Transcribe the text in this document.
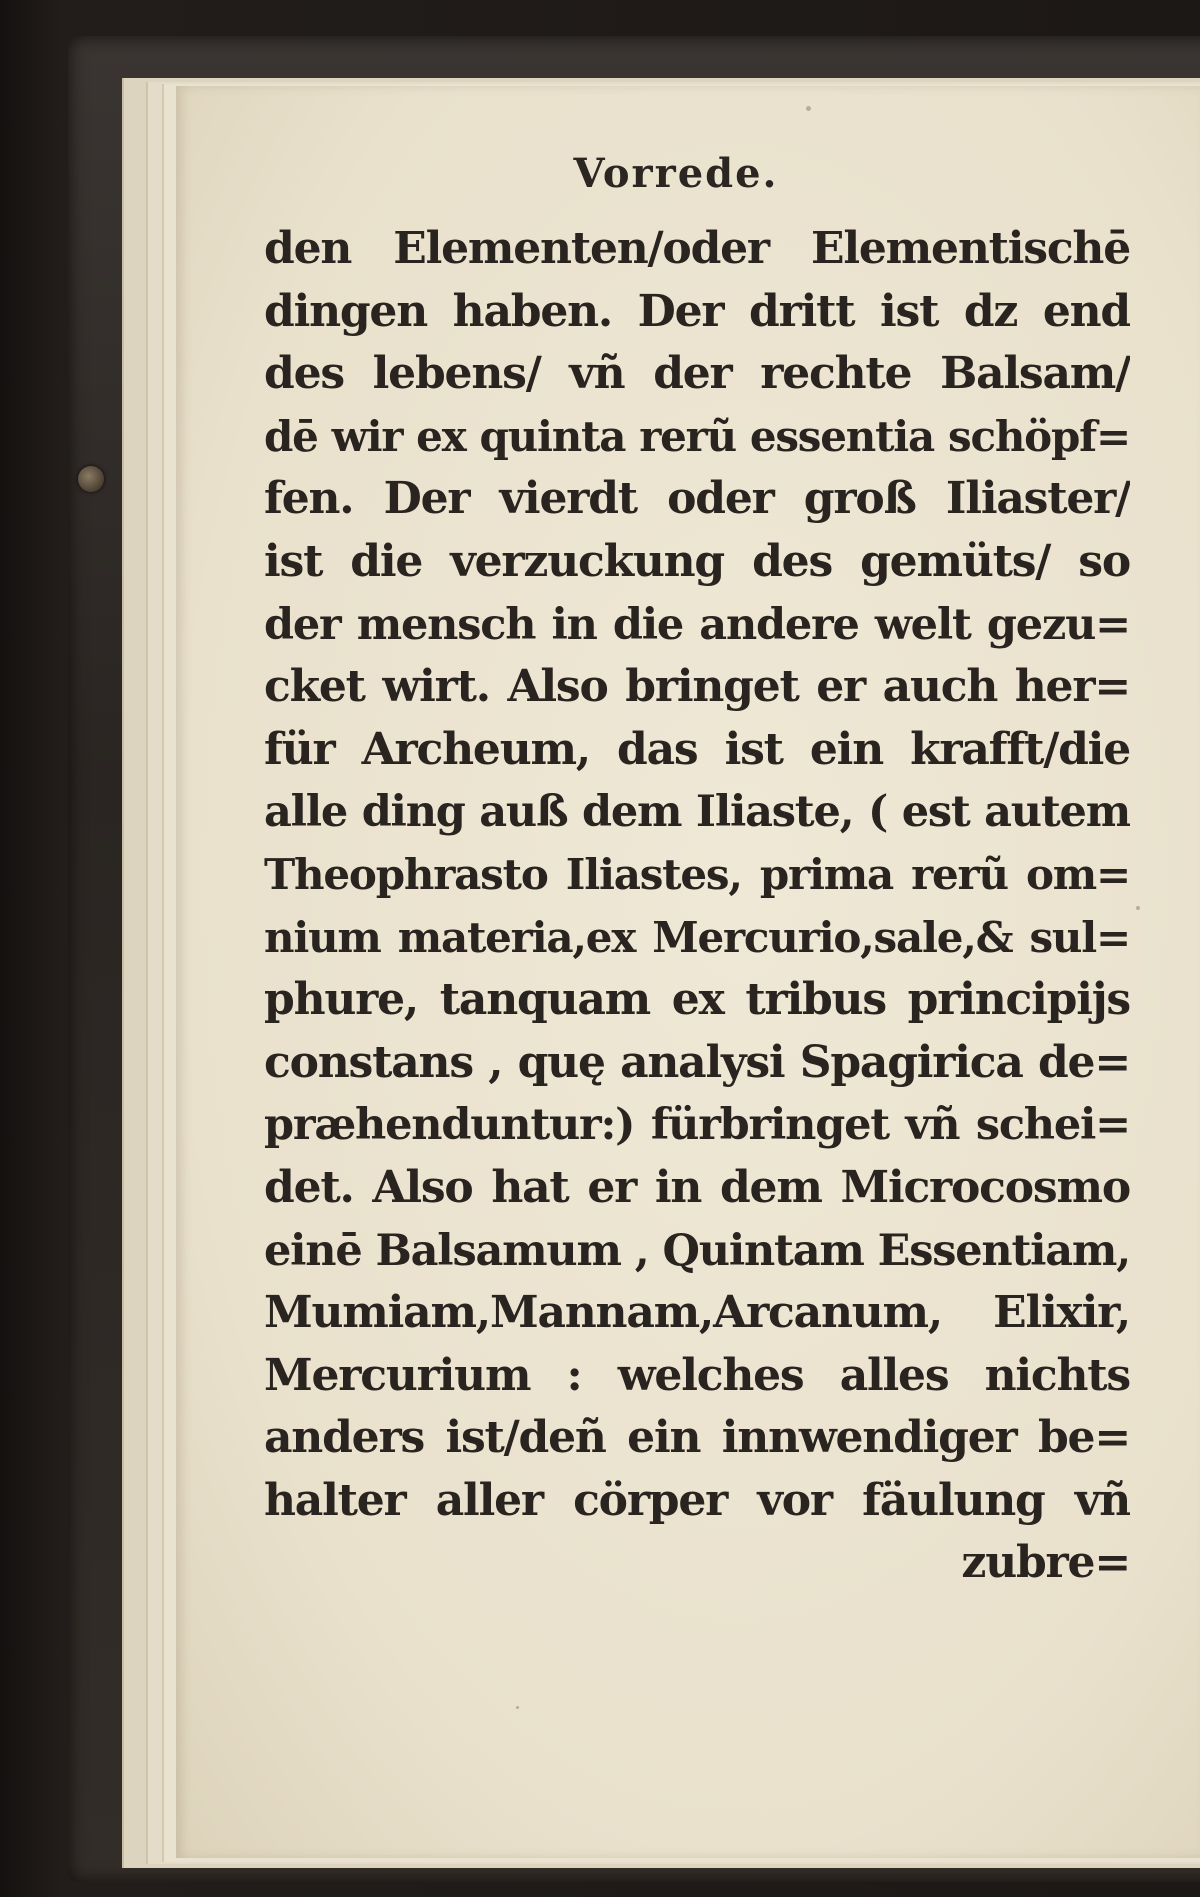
Vorrede.
den Elementen/oder Elementischē
dingen haben. Der dritt ist dz end
des lebens/ vñ der rechte Balsam/
dē wir ex quinta rerũ essentia schöpf=
fen. Der vierdt oder groß Iliaster/
ist die verzuckung des gemüts/ so
der mensch in die andere welt gezu=
cket wirt. Also bringet er auch her=
für Archeum, das ist ein krafft/die
alle ding auß dem Iliaste, ( est autem
Theophrasto Iliastes, prima rerũ om=
nium materia,ex Mercurio,sale,& sul=
phure, tanquam ex tribus principijs
constans , quę analysi Spagirica de=
præhenduntur:) fürbringet vñ schei=
det. Also hat er in dem Microcosmo
einē Balsamum , Quintam Essentiam,
Mumiam,Mannam,Arcanum, Elixir,
Mercurium : welches alles nichts
anders ist/deñ ein innwendiger be=
halter aller cörper vor fäulung vñ
zubre=
